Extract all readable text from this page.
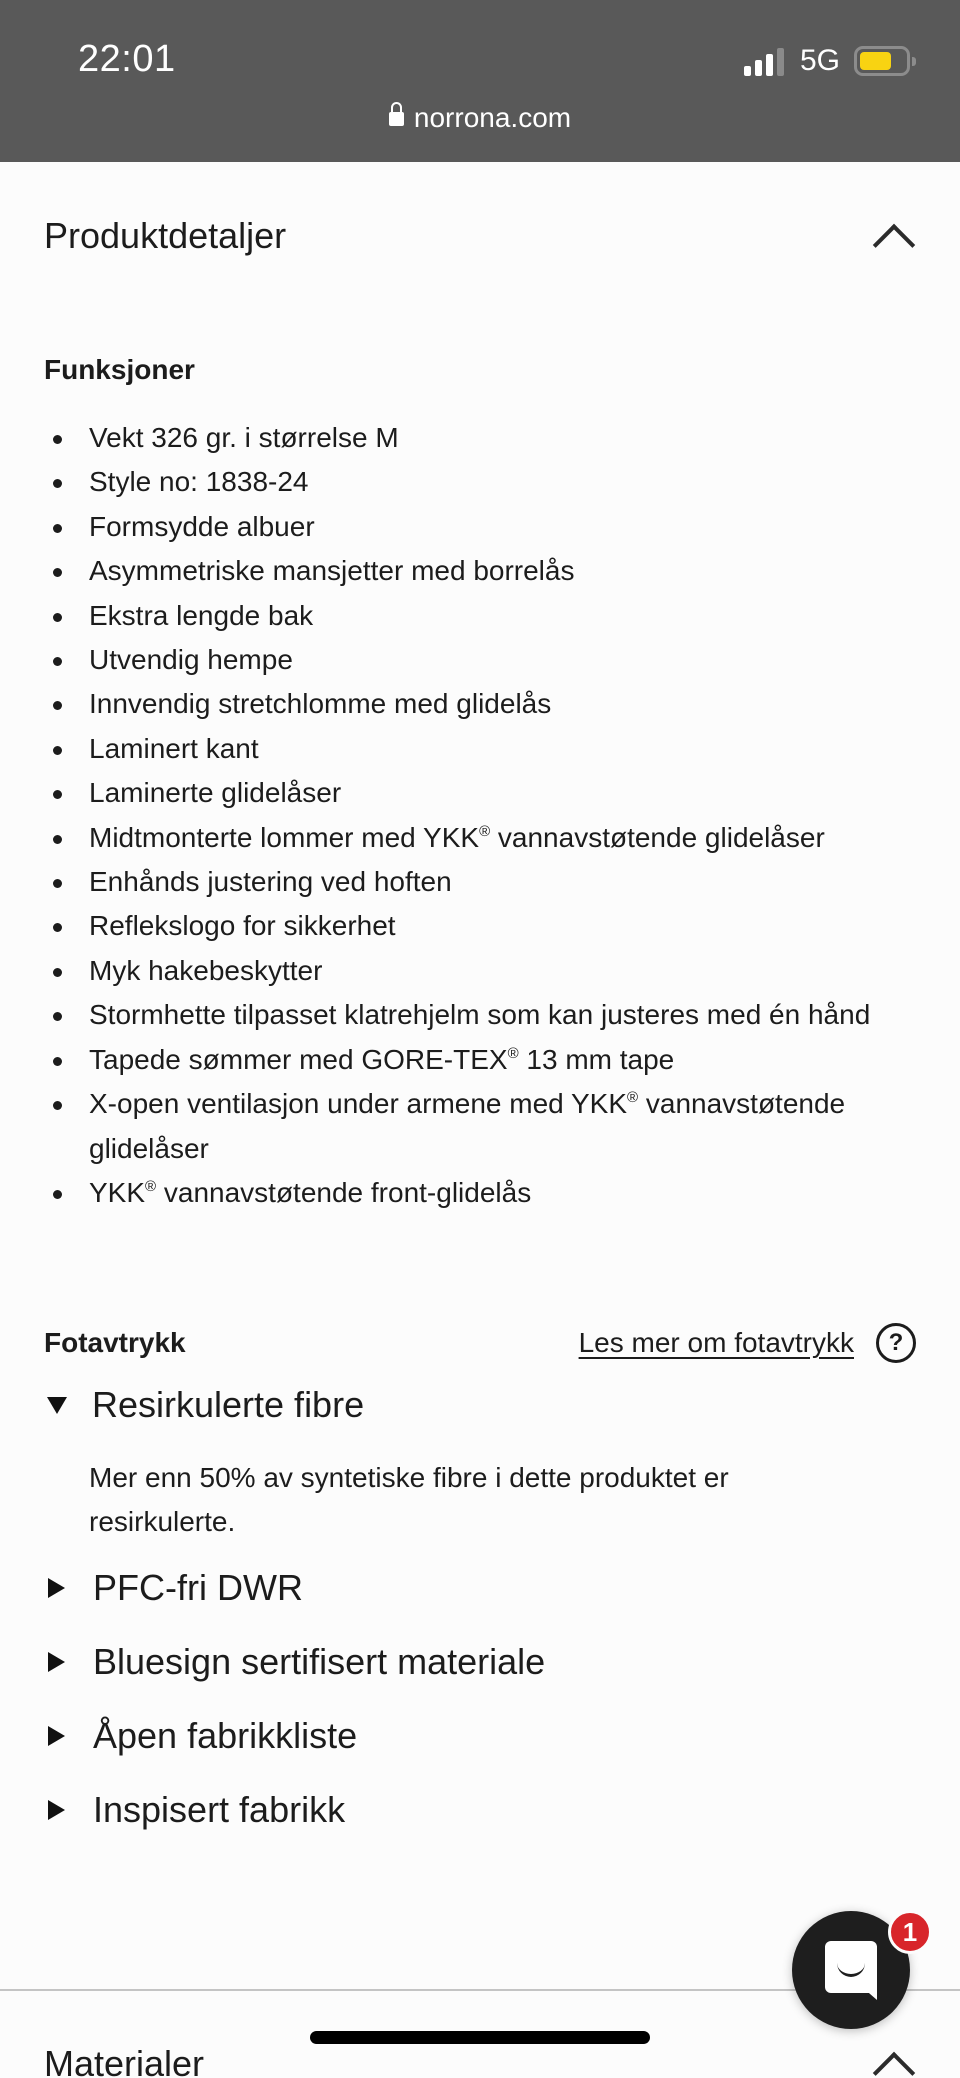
22:01	5G
norrona.com
Produktdetaljer
Funksjoner
Vekt 326 gr. i størrelse M
Style no: 1838-24
Formsydde albuer
Asymmetriske mansjetter med borrelås
Ekstra lengde bak
Utvendig hempe
Innvendig stretchlomme med glidelås
Laminert kant
Laminerte glidelåser
Midtmonterte lommer med YKK® vannavstøtende glidelåser
Enhånds justering ved hoften
Reflekslogo for sikkerhet
Myk hakebeskytter
Stormhette tilpasset klatrehjelm som kan justeres med én hånd
Tapede sømmer med GORE-TEX® 13 mm tape
X-open ventilasjon under armene med YKK® vannavstøtende glidelåser
YKK® vannavstøtende front-glidelås
Fotavtrykk	Les mer om fotavtrykk	?
Resirkulerte fibre
Mer enn 50% av syntetiske fibre i dette produktet er resirkulerte.
PFC-fri DWR
Bluesign sertifisert materiale
Åpen fabrikkliste
Inspisert fabrikk
Materialer
1
